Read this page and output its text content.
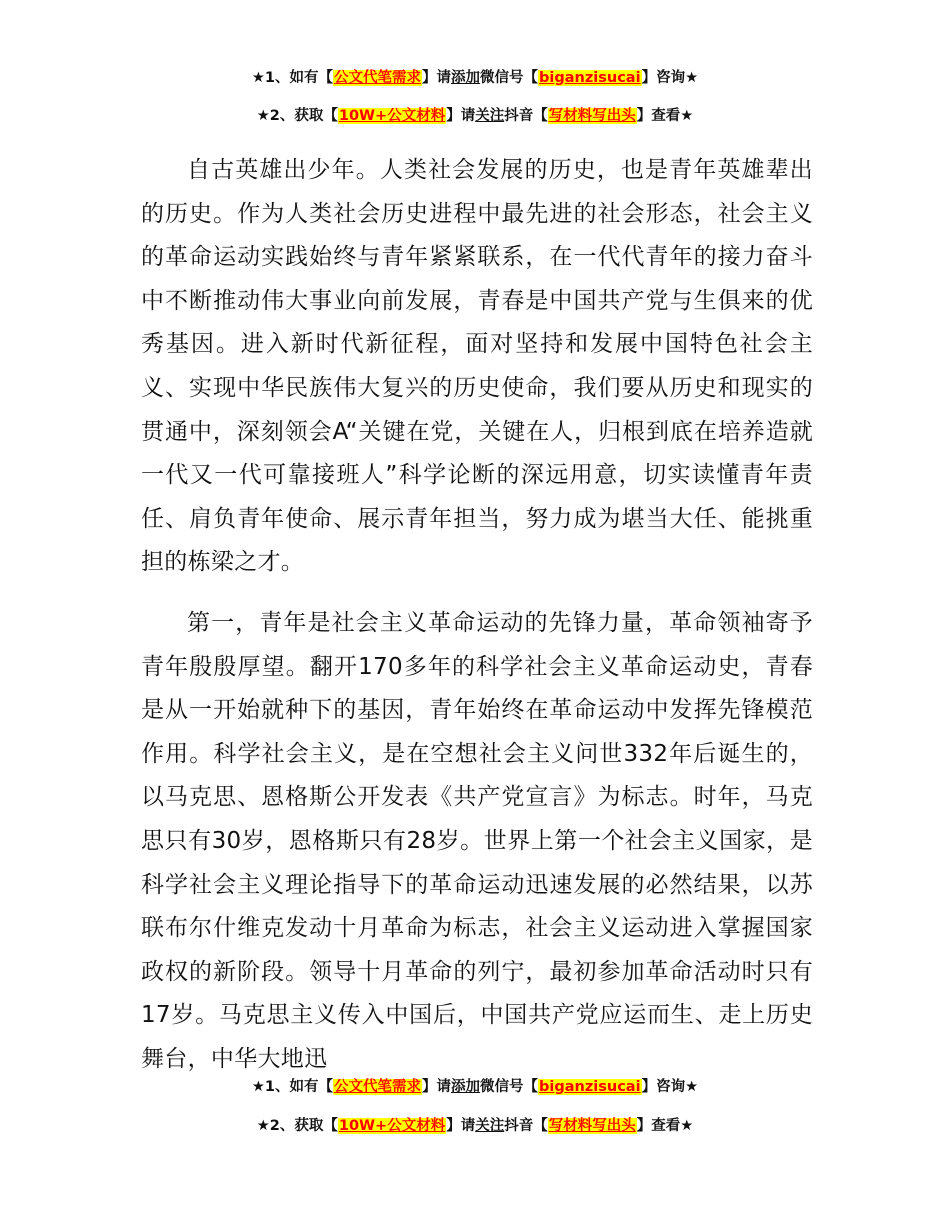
★1、如有【公文代笔需求】请添加微信号【biganzisucai】咨询★
★2、获取【10W+公文材料】请关注抖音【写材料写出头】查看★

自古英雄出少年。人类社会发展的历史，也是青年英雄辈出的历史。作为人类社会历史进程中最先进的社会形态，社会主义的革命运动实践始终与青年紧紧联系，在一代代青年的接力奋斗中不断推动伟大事业向前发展，青春是中国共产党与生俱来的优秀基因。进入新时代新征程，面对坚持和发展中国特色社会主义、实现中华民族伟大复兴的历史使命，我们要从历史和现实的贯通中，深刻领会A“关键在党，关键在人，归根到底在培养造就一代又一代可靠接班人”科学论断的深远用意，切实读懂青年责任、肩负青年使命、展示青年担当，努力成为堪当大任、能挑重担的栋梁之才。

第一，青年是社会主义革命运动的先锋力量，革命领袖寄予青年殷殷厚望。翻开170多年的科学社会主义革命运动史，青春是从一开始就种下的基因，青年始终在革命运动中发挥先锋模范作用。科学社会主义，是在空想社会主义问世332年后诞生的，以马克思、恩格斯公开发表《共产党宣言》为标志。时年，马克思只有30岁，恩格斯只有28岁。世界上第一个社会主义国家，是科学社会主义理论指导下的革命运动迅速发展的必然结果，以苏联布尔什维克发动十月革命为标志，社会主义运动进入掌握国家政权的新阶段。领导十月革命的列宁，最初参加革命活动时只有17岁。马克思主义传入中国后，中国共产党应运而生、走上历史舞台，中华大地迅

★1、如有【公文代笔需求】请添加微信号【biganzisucai】咨询★
★2、获取【10W+公文材料】请关注抖音【写材料写出头】查看★
